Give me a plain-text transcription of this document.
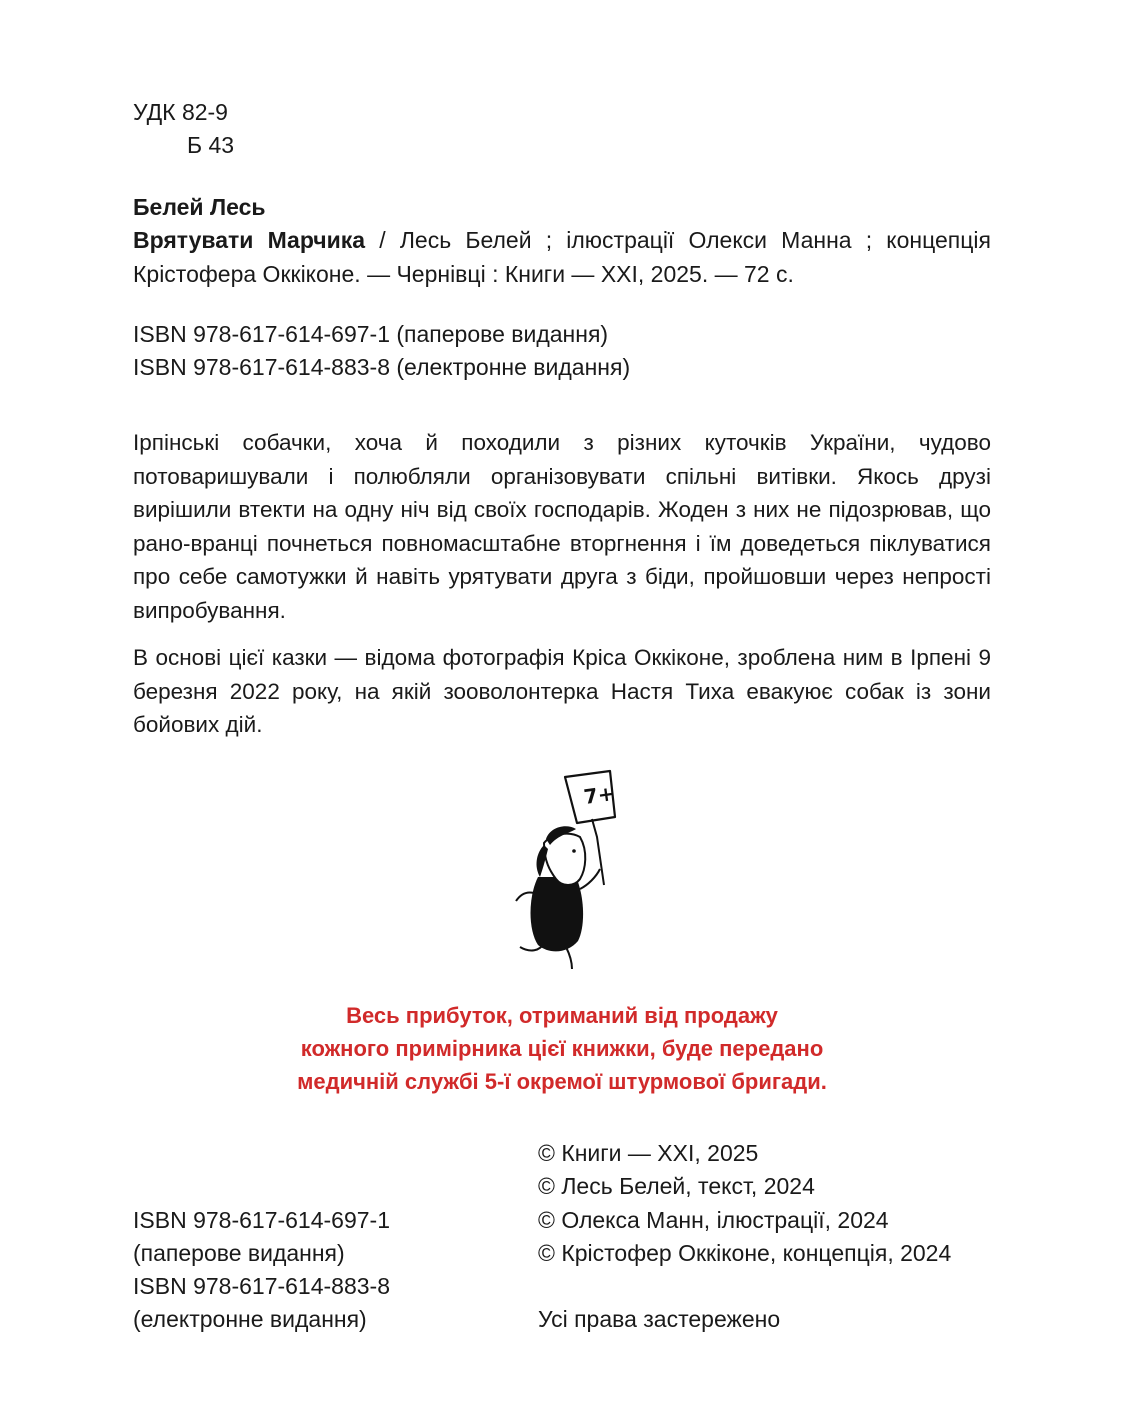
УДК 82-9
Б 43
Белей Лесь
Врятувати Марчика / Лесь Белей ; ілюстрації Олекси Манна ; концепція
Крістофера Оккіконе. — Чернівці : Книги — ХХІ, 2025. — 72 с.
ISBN 978-617-614-697-1 (паперове видання)
ISBN 978-617-614-883-8 (електронне видання)
Ірпінські собачки, хоча й походили з різних куточків України, чудово потоваришували і полюбляли організовувати спільні витівки. Якось друзі вирішили втекти на одну ніч від своїх господарів. Жоден з них не підозрював, що рано-вранці почнеться повномасштабне вторгнення і їм доведеться піклуватися про себе самотужки й навіть урятувати друга з біди, пройшовши через непрості випробування.
В основі цієї казки — відома фотографія Кріса Оккіконе, зроблена ним в Ірпені 9 березня 2022 року, на якій зооволонтерка Настя Тиха евакуює собак із зони бойових дій.
7+
Весь прибуток, отриманий від продажу
кожного примірника цієї книжки, буде передано
медичній службі 5-ї окремої штурмової бригади.
© Книги — ХХІ, 2025
© Лесь Белей, текст, 2024
© Олекса Манн, ілюстрації, 2024
© Крістофер Оккіконе, концепція, 2024
Усі права застережено
ISBN 978-617-614-697-1
(паперове видання)
ISBN 978-617-614-883-8
(електронне видання)
